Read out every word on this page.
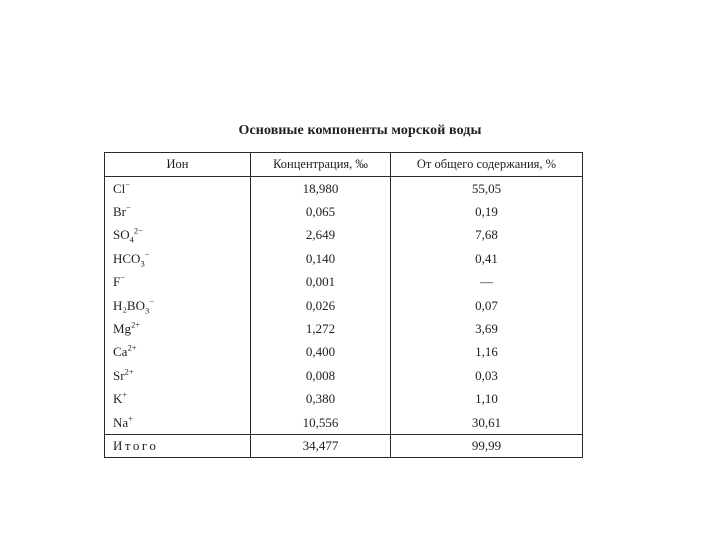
Основные компоненты морской воды
Ион	Концентрация, ‰	От общего содержания, %
Cl−	18,980	55,05
Br−	0,065	0,19
$SO_4^{2-}$	2,649	7,68
$HCO_3^-$	0,140	0,41
F−	0,001	—
$H_2BO_3^-$	0,026	0,07
$Mg^{2+}$	1,272	3,69
$Ca^{2+}$	0,400	1,16
$Sr^{2+}$	0,008	0,03
K+	0,380	1,10
Na+	10,556	30,61
Итого	34,477	99,99
